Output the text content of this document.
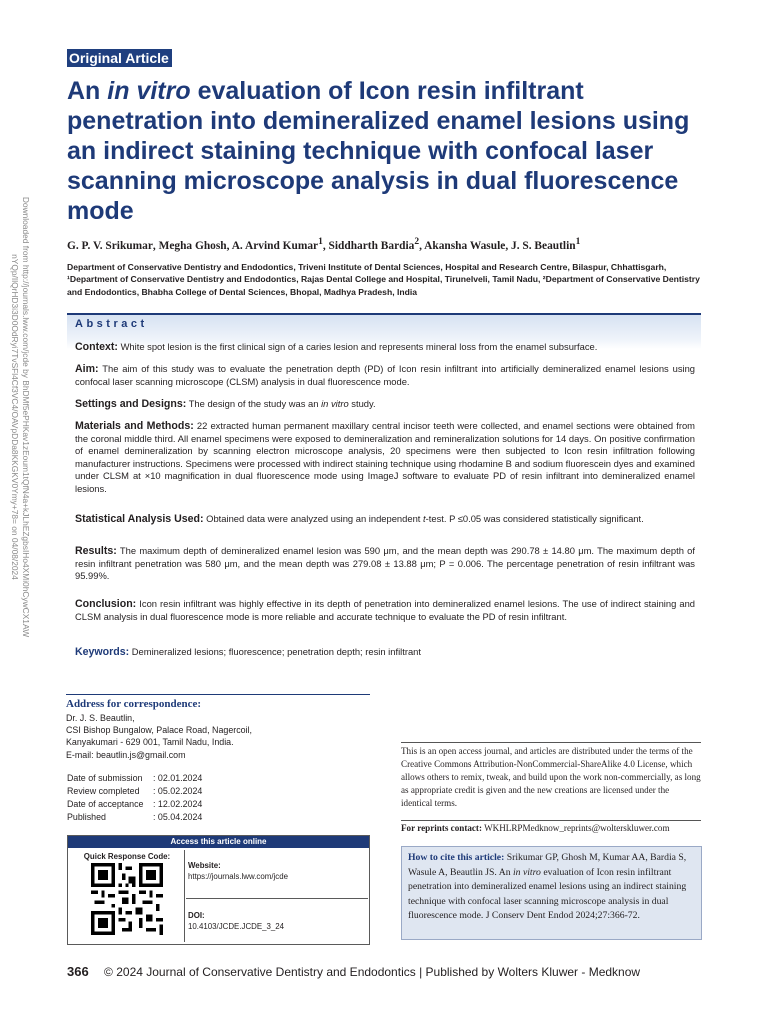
Downloaded from http://journals.lww.com/jcde by BhDMf5ePHKav1zEoum1tQfN4a+kJLhEZgbsIHo4XMi0hCywCX1AW
nYQp/IlQrHD3i3D0OdRyi7TvSFl4Cf3VC4/OAVpDDa8KKGKV0Ymy+78= on 04/08/2024
Original Article
An in vitro evaluation of Icon resin infiltrant penetration into demineralized enamel lesions using an indirect staining technique with confocal laser scanning microscope analysis in dual fluorescence mode
G. P. V. Srikumar, Megha Ghosh, A. Arvind Kumar$^1$, Siddharth Bardia$^2$, Akansha Wasule, J. S. Beautlin$^1$
Department of Conservative Dentistry and Endodontics, Triveni Institute of Dental Sciences, Hospital and Research Centre, Bilaspur, Chhattisgarh, ¹Department of Conservative Dentistry and Endodontics, Rajas Dental College and Hospital, Tirunelveli, Tamil Nadu, ²Department of Conservative Dentistry and Endodontics, Bhabha College of Dental Sciences, Bhopal, Madhya Pradesh, India
Abstract
Context: White spot lesion is the first clinical sign of a caries lesion and represents mineral loss from the enamel subsurface.
Aim: The aim of this study was to evaluate the penetration depth (PD) of Icon resin infiltrant into artificially demineralized enamel lesions using confocal laser scanning microscope (CLSM) analysis in dual fluorescence mode.
Settings and Designs: The design of the study was an in vitro study.
Materials and Methods: 22 extracted human permanent maxillary central incisor teeth were collected, and enamel sections were obtained from the coronal middle third. All enamel specimens were exposed to demineralization and remineralization solutions for 14 days. On positive confirmation of enamel demineralization by scanning electron microscope analysis, 20 specimens were then subjected to Icon resin infiltration following manufacturer instructions. Specimens were processed with indirect staining technique using rhodamine B and sodium fluorescein dyes and examined under CLSM at ×10 magnification in dual fluorescence mode using ImageJ software to evaluate PD of resin infiltrant into demineralized enamel lesions.
Statistical Analysis Used: Obtained data were analyzed using an independent t-test. P ≤0.05 was considered statistically significant.
Results: The maximum depth of demineralized enamel lesion was 590 μm, and the mean depth was 290.78 ± 14.80 μm. The maximum depth of resin infiltrant penetration was 580 μm, and the mean depth was 279.08 ± 13.88 μm; P = 0.006. The percentage penetration of resin infiltrant was 95.99%.
Conclusion: Icon resin infiltrant was highly effective in its depth of penetration into demineralized enamel lesions. The use of indirect staining and CLSM analysis in dual fluorescence mode is more reliable and accurate technique to evaluate the PD of resin infiltrant.
Keywords: Demineralized lesions; fluorescence; penetration depth; resin infiltrant
Address for correspondence:
Dr. J. S. Beautlin,
CSI Bishop Bungalow, Palace Road, Nagercoil,
Kanyakumari - 629 001, Tamil Nadu, India.
E-mail: beautlin.js@gmail.com
Date of submission	: 02.01.2024
Review completed	: 05.02.2024
Date of acceptance	: 12.02.2024
Published	: 05.04.2024
Access this article online
Quick Response Code:
Website:
https://journals.lww.com/jcde
DOI:
10.4103/JCDE.JCDE_3_24
This is an open access journal, and articles are distributed under the terms of the Creative Commons Attribution-NonCommercial-ShareAlike 4.0 License, which allows others to remix, tweak, and build upon the work non-commercially, as long as appropriate credit is given and the new creations are licensed under the identical terms.
For reprints contact: WKHLRPMedknow_reprints@wolterskluwer.com
How to cite this article: Srikumar GP, Ghosh M, Kumar AA, Bardia S, Wasule A, Beautlin JS. An in vitro evaluation of Icon resin infiltrant penetration into demineralized enamel lesions using an indirect staining technique with confocal laser scanning microscope analysis in dual fluorescence mode. J Conserv Dent Endod 2024;27:366-72.
366 © 2024 Journal of Conservative Dentistry and Endodontics | Published by Wolters Kluwer - Medknow
